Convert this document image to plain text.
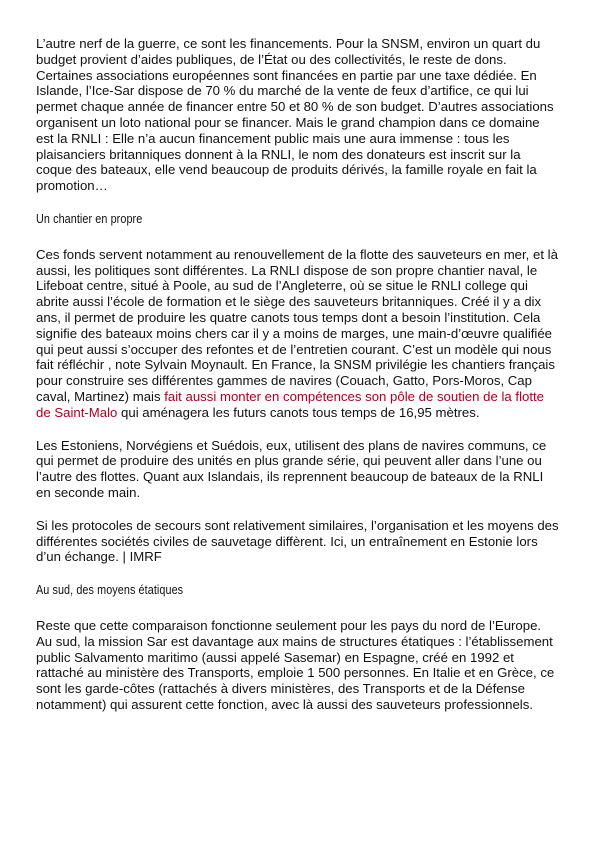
L’autre nerf de la guerre, ce sont les financements. Pour la SNSM, environ un quart du budget provient d’aides publiques, de l’État ou des collectivités, le reste de dons. Certaines associations européennes sont financées en partie par une taxe dédiée. En Islande, l’Ice-Sar dispose de 70 % du marché de la vente de feux d’artifice, ce qui lui permet chaque année de financer entre 50 et 80 % de son budget. D’autres associations organisent un loto national pour se financer. Mais le grand champion dans ce domaine est la RNLI : Elle n’a aucun financement public mais une aura immense : tous les plaisanciers britanniques donnent à la RNLI, le nom des donateurs est inscrit sur la coque des bateaux, elle vend beaucoup de produits dérivés, la famille royale en fait la promotion…

Un chantier en propre

Ces fonds servent notamment au renouvellement de la flotte des sauveteurs en mer, et là aussi, les politiques sont différentes. La RNLI dispose de son propre chantier naval, le Lifeboat centre, situé à Poole, au sud de l’Angleterre, où se situe le RNLI college qui abrite aussi l’école de formation et le siège des sauveteurs britanniques. Créé il y a dix ans, il permet de produire les quatre canots tous temps dont a besoin l’institution. Cela signifie des bateaux moins chers car il y a moins de marges, une main-d’œuvre qualifiée qui peut aussi s’occuper des refontes et de l’entretien courant. C’est un modèle qui nous fait réfléchir , note Sylvain Moynault. En France, la SNSM privilégie les chantiers français pour construire ses différentes gammes de navires (Couach, Gatto, Pors-Moros, Cap caval, Martinez) mais fait aussi monter en compétences son pôle de soutien de la flotte de Saint-Malo qui aménagera les futurs canots tous temps de 16,95 mètres.

Les Estoniens, Norvégiens et Suédois, eux, utilisent des plans de navires communs, ce qui permet de produire des unités en plus grande série, qui peuvent aller dans l’une ou l’autre des flottes. Quant aux Islandais, ils reprennent beaucoup de bateaux de la RNLI en seconde main.

Si les protocoles de secours sont relativement similaires, l’organisation et les moyens des différentes sociétés civiles de sauvetage diffèrent. Ici, un entraînement en Estonie lors d’un échange. | IMRF

Au sud, des moyens étatiques

Reste que cette comparaison fonctionne seulement pour les pays du nord de l’Europe. Au sud, la mission Sar est davantage aux mains de structures étatiques : l’établissement public Salvamento maritimo (aussi appelé Sasemar) en Espagne, créé en 1992 et rattaché au ministère des Transports, emploie 1 500 personnes. En Italie et en Grèce, ce sont les garde-côtes (rattachés à divers ministères, des Transports et de la Défense notamment) qui assurent cette fonction, avec là aussi des sauveteurs professionnels.
